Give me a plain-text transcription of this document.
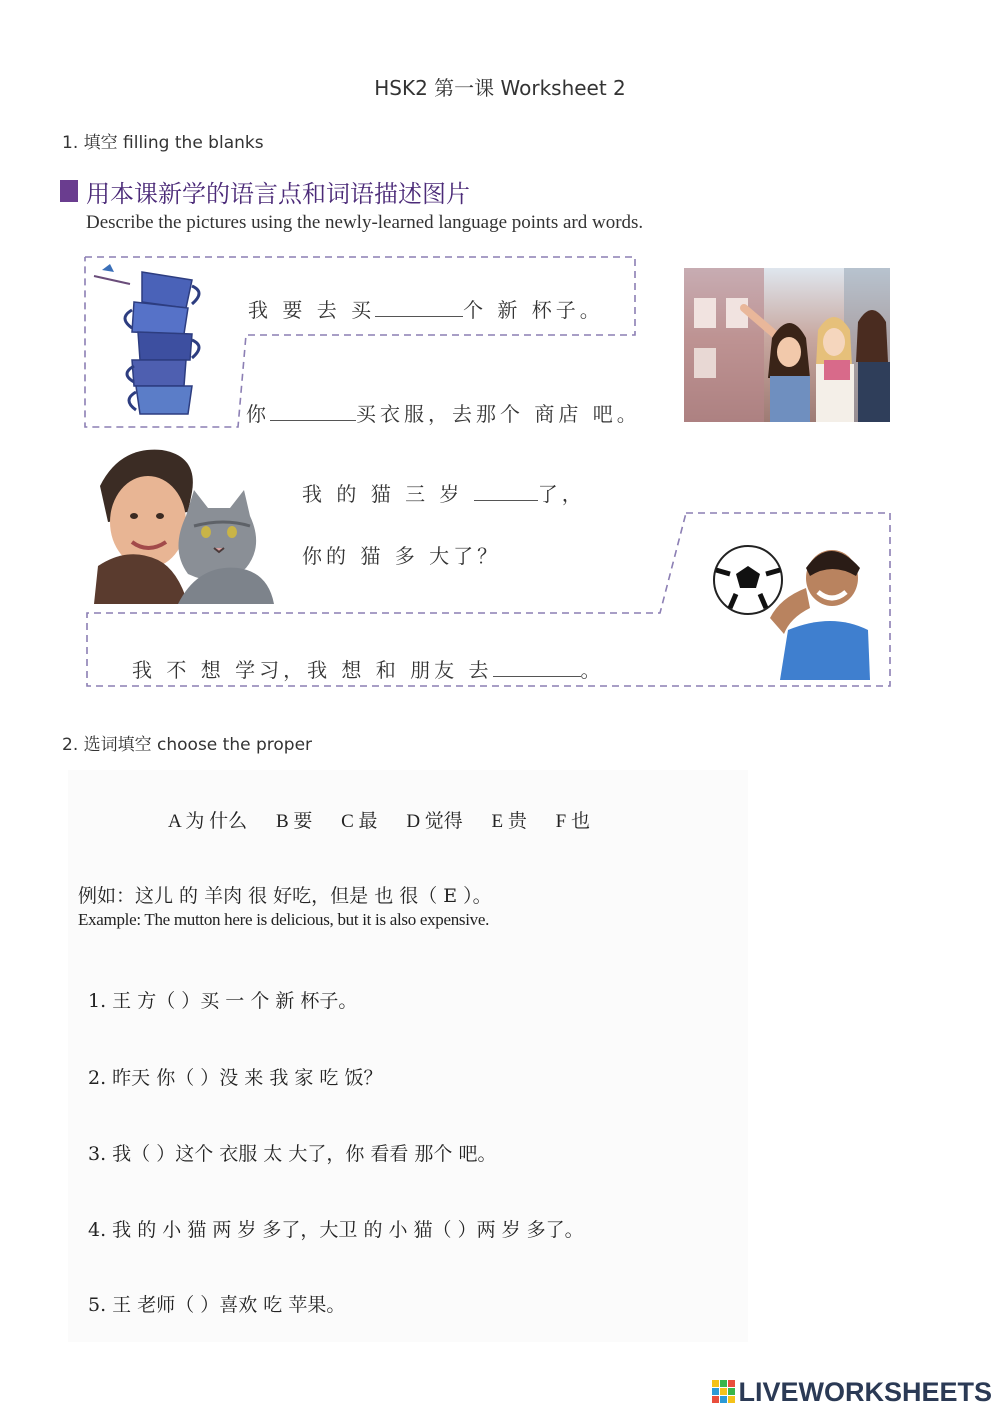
HSK2 第一课 Worksheet 2
1. 填空 filling the blanks
用本课新学的语言点和词语描述图片
Describe the pictures using the newly-learned language points ard words.
我 要 去 买	个 新 杯子。
你	买衣服，去那个 商店 吧。
我 的 猫 三 岁	了，
你的 猫 多 大了？
我 不 想 学习，我 想 和 朋友 去	。
2. 选词填空 choose the proper
A 为 什么 B 要 C 最 D 觉得 E 贵 F 也
例如：这儿 的 羊肉 很 好吃，但是 也 很（ E ）。
Example: The mutton here is delicious, but it is also expensive.
1. 王 方（ ）买 一 个 新 杯子。
2. 昨天 你（ ）没 来 我 家 吃 饭？
3. 我（ ）这个 衣服 太 大了，你 看看 那个 吧。
4. 我 的 小 猫 两 岁 多了，大卫 的 小 猫（ ）两 岁 多了。
5. 王 老师（ ）喜欢 吃 苹果。
LIVEWORKSHEETS
